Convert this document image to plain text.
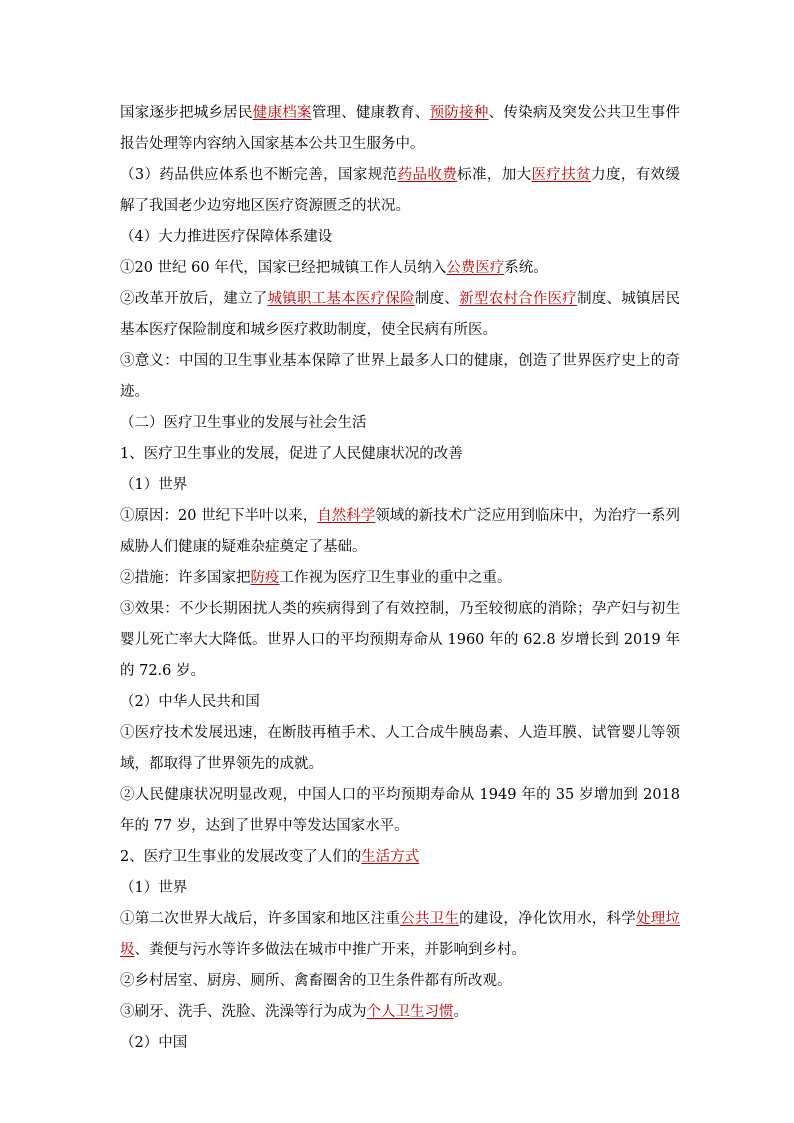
国家逐步把城乡居民健康档案管理、健康教育、预防接种、传染病及突发公共卫生事件报告处理等内容纳入国家基本公共卫生服务中。

（3）药品供应体系也不断完善，国家规范药品收费标准，加大医疗扶贫力度，有效缓解了我国老少边穷地区医疗资源匮乏的状况。

（4）大力推进医疗保障体系建设

①20 世纪 60 年代，国家已经把城镇工作人员纳入公费医疗系统。

②改革开放后，建立了城镇职工基本医疗保险制度、新型农村合作医疗制度、城镇居民基本医疗保险制度和城乡医疗救助制度，使全民病有所医。

③意义：中国的卫生事业基本保障了世界上最多人口的健康，创造了世界医疗史上的奇迹。

（二）医疗卫生事业的发展与社会生活

1、医疗卫生事业的发展，促进了人民健康状况的改善

（1）世界

①原因：20 世纪下半叶以来，自然科学领域的新技术广泛应用到临床中，为治疗一系列威胁人们健康的疑难杂症奠定了基础。

②措施：许多国家把防疫工作视为医疗卫生事业的重中之重。

③效果：不少长期困扰人类的疾病得到了有效控制，乃至较彻底的消除；孕产妇与初生婴儿死亡率大大降低。世界人口的平均预期寿命从 1960 年的 62.8 岁增长到 2019 年的 72.6 岁。

（2）中华人民共和国

①医疗技术发展迅速，在断肢再植手术、人工合成牛胰岛素、人造耳膜、试管婴儿等领域，都取得了世界领先的成就。

②人民健康状况明显改观，中国人口的平均预期寿命从 1949 年的 35 岁增加到 2018 年的 77 岁，达到了世界中等发达国家水平。

2、医疗卫生事业的发展改变了人们的生活方式

（1）世界

①第二次世界大战后，许多国家和地区注重公共卫生的建设，净化饮用水，科学处理垃圾、粪便与污水等许多做法在城市中推广开来，并影响到乡村。

②乡村居室、厨房、厕所、禽畜圈舍的卫生条件都有所改观。

③刷牙、洗手、洗脸、洗澡等行为成为个人卫生习惯。

（2）中国
